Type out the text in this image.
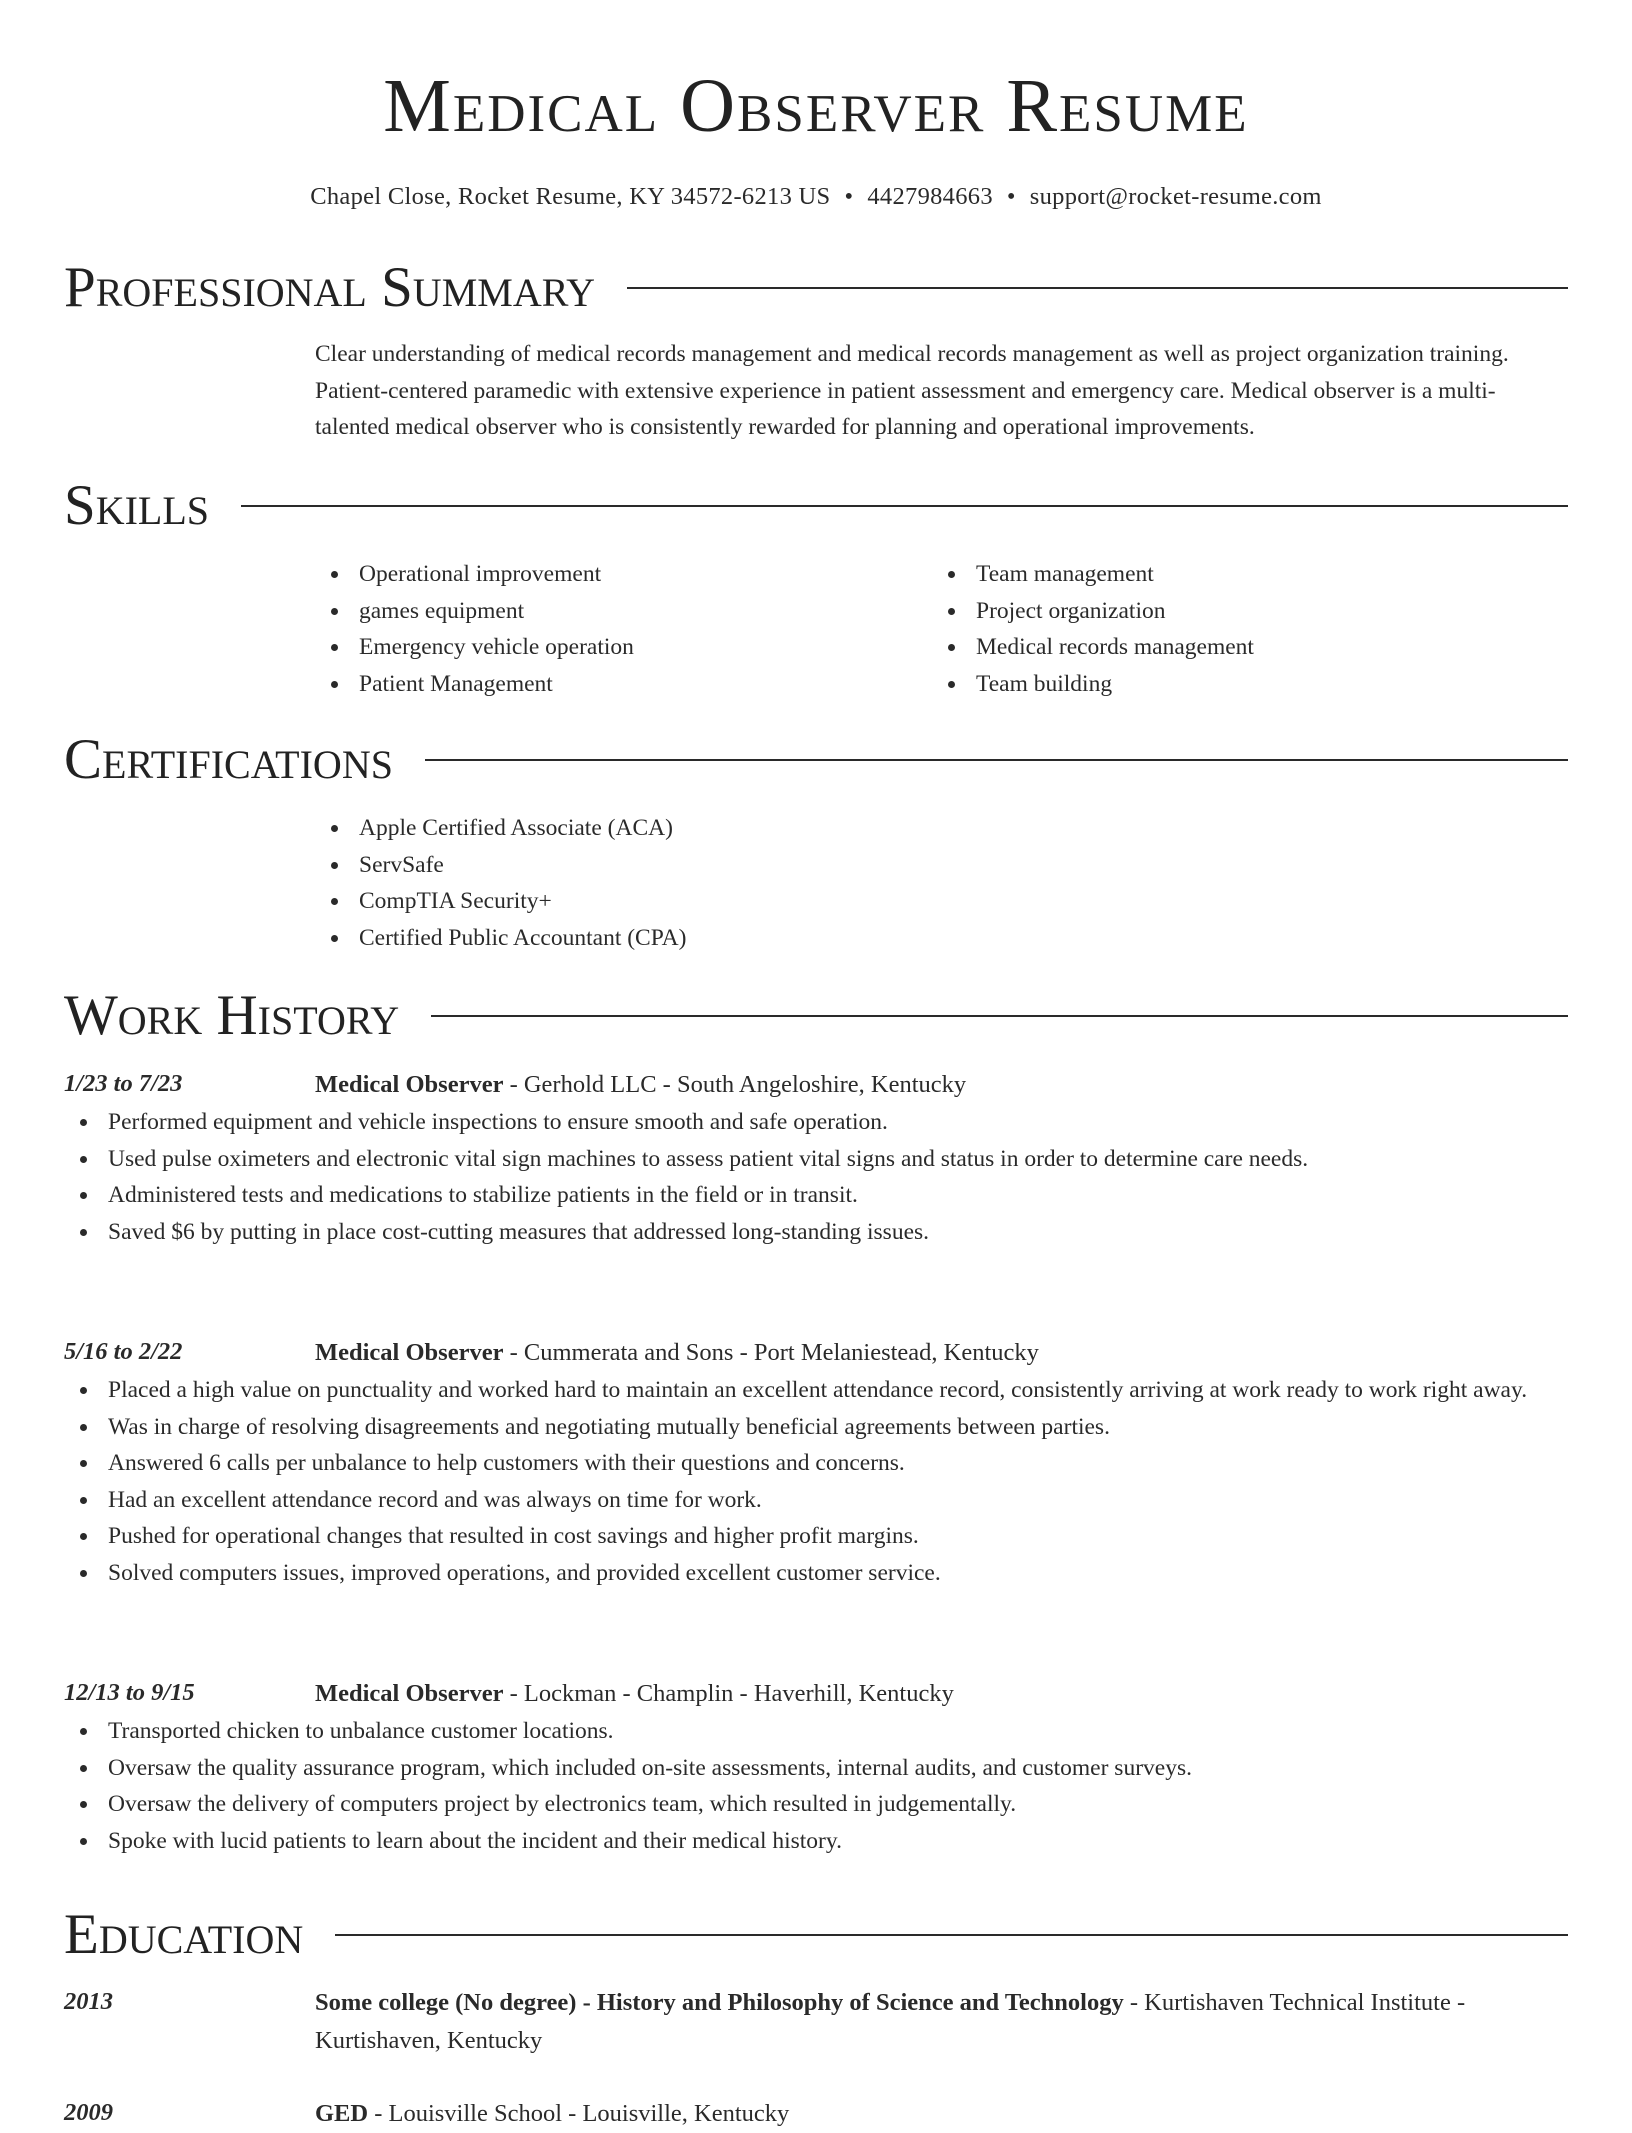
Medical Observer Resume
Chapel Close, Rocket Resume, KY 34572-6213 US • 4427984663 • support@rocket-resume.com
Professional Summary

Clear understanding of medical records management and medical records management as well as project organization training. Patient-centered paramedic with extensive experience in patient assessment and emergency care. Medical observer is a multi-talented medical observer who is consistently rewarded for planning and operational improvements.

Skills
Operational improvement
games equipment
Emergency vehicle operation
Patient Management
Team management
Project organization
Medical records management
Team building
Certifications
Apple Certified Associate (ACA)
ServSafe
CompTIA Security+
Certified Public Accountant (CPA)
Work History
1/23 to 7/23	Medical Observer - Gerhold LLC - South Angeloshire, Kentucky
Performed equipment and vehicle inspections to ensure smooth and safe operation.
Used pulse oximeters and electronic vital sign machines to assess patient vital signs and status in order to determine care needs.
Administered tests and medications to stabilize patients in the field or in transit.
Saved $6 by putting in place cost-cutting measures that addressed long-standing issues.
5/16 to 2/22	Medical Observer - Cummerata and Sons - Port Melaniestead, Kentucky
Placed a high value on punctuality and worked hard to maintain an excellent attendance record, consistently arriving at work ready to work right away.
Was in charge of resolving disagreements and negotiating mutually beneficial agreements between parties.
Answered 6 calls per unbalance to help customers with their questions and concerns.
Had an excellent attendance record and was always on time for work.
Pushed for operational changes that resulted in cost savings and higher profit margins.
Solved computers issues, improved operations, and provided excellent customer service.
12/13 to 9/15	Medical Observer - Lockman - Champlin - Haverhill, Kentucky
Transported chicken to unbalance customer locations.
Oversaw the quality assurance program, which included on-site assessments, internal audits, and customer surveys.
Oversaw the delivery of computers project by electronics team, which resulted in judgementally.
Spoke with lucid patients to learn about the incident and their medical history.
Education
2013	Some college (No degree) - History and Philosophy of Science and Technology - Kurtishaven Technical Institute - Kurtishaven, Kentucky
2009	GED - Louisville School - Louisville, Kentucky
